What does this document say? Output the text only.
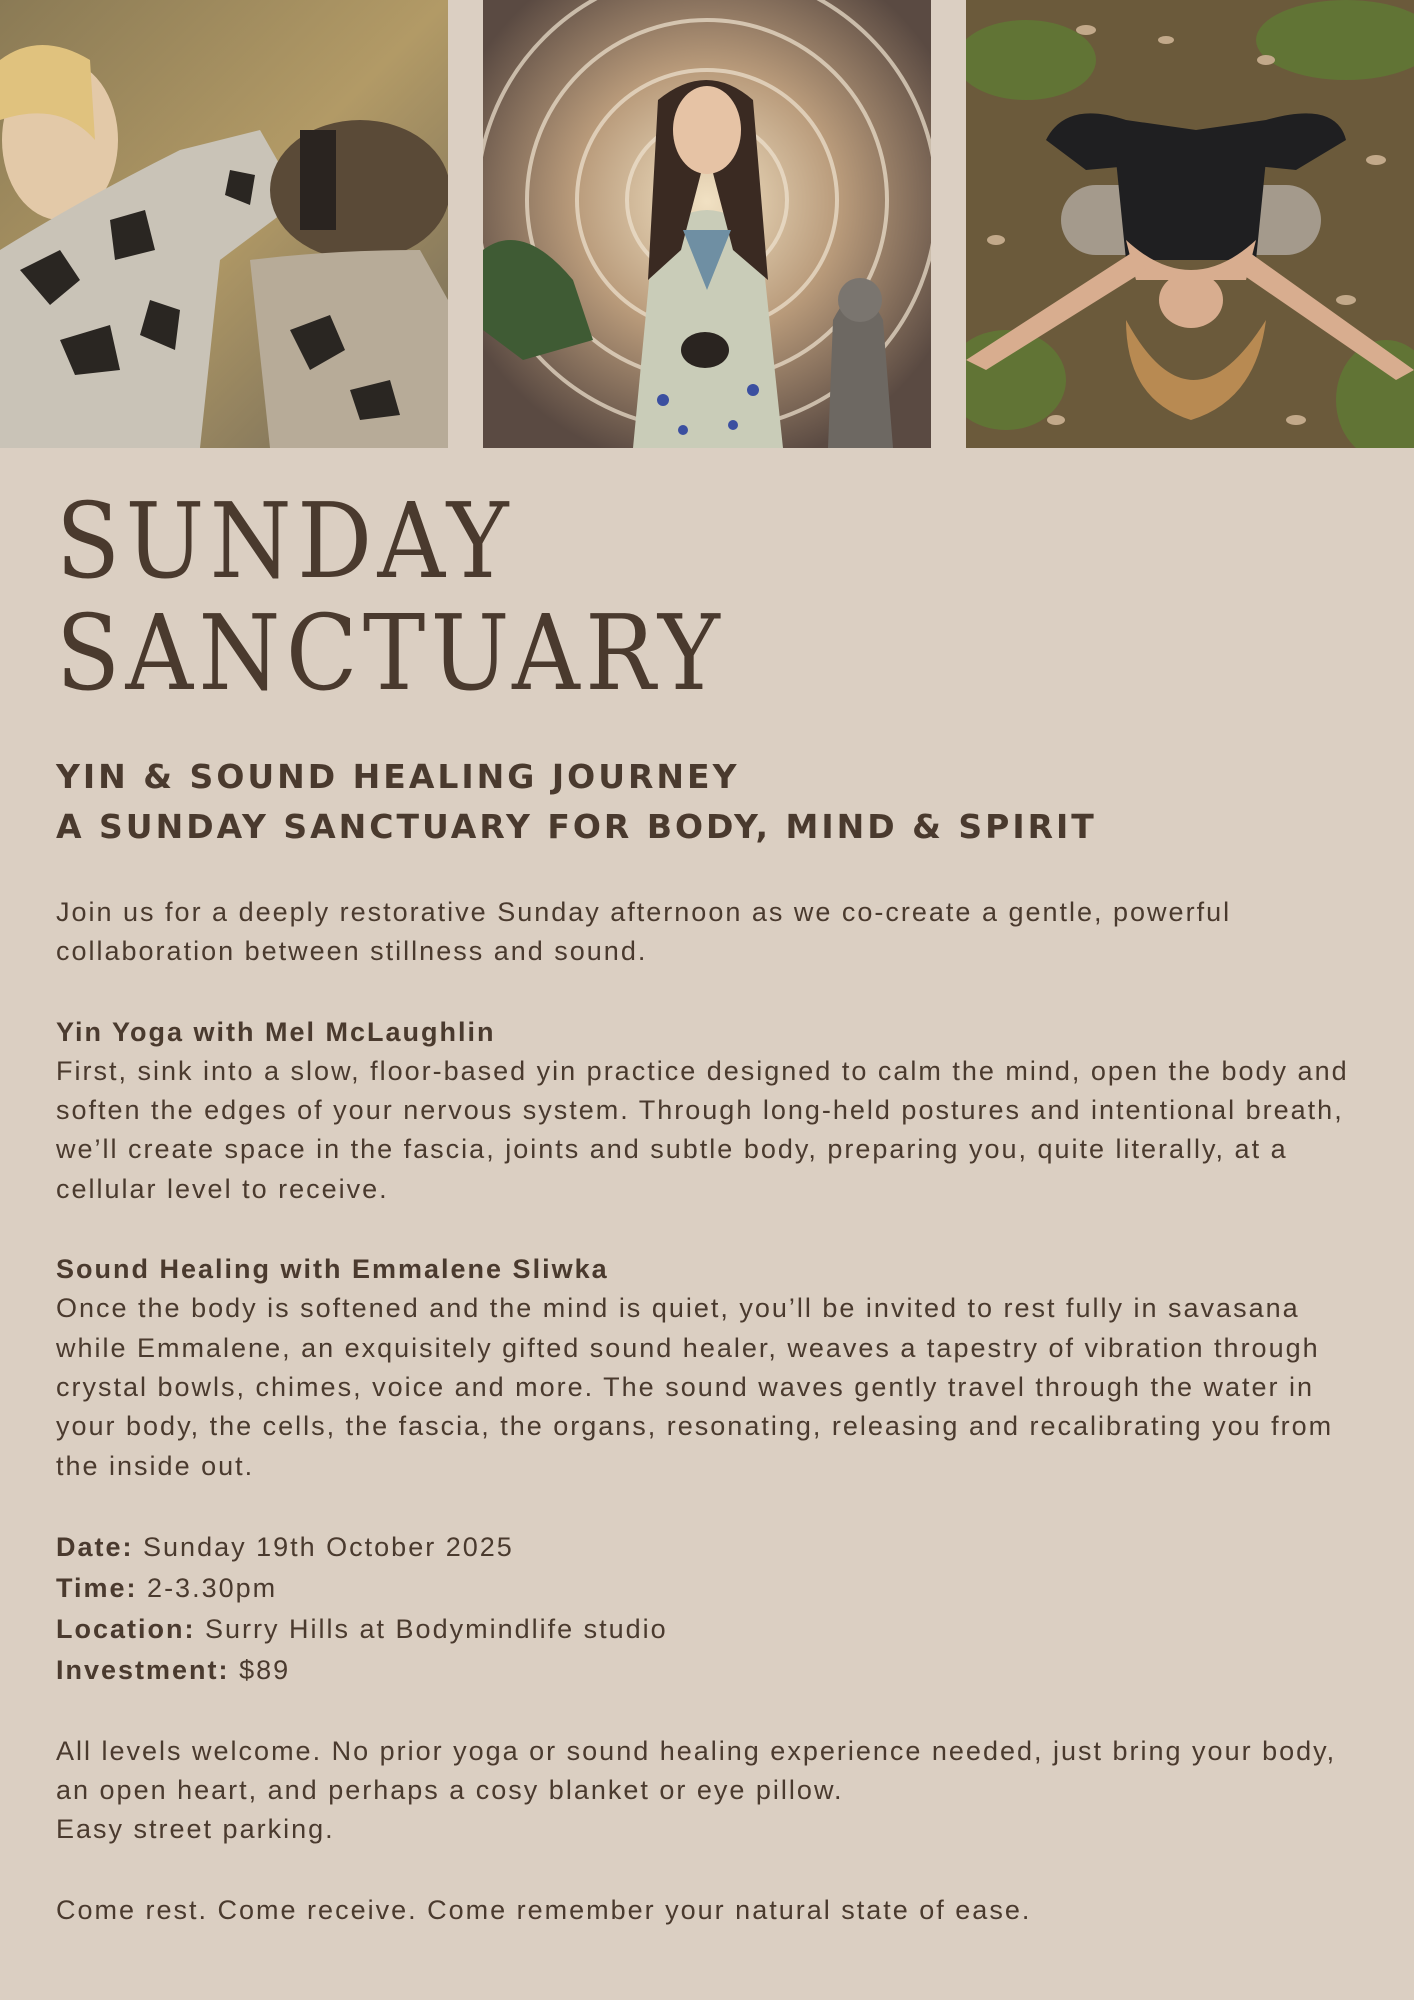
SUNDAY
SANCTUARY
YIN & SOUND HEALING JOURNEY
A SUNDAY SANCTUARY FOR BODY, MIND & SPIRIT

Join us for a deeply restorative Sunday afternoon as we co-create a gentle, powerful collaboration between stillness and sound.

Yin Yoga with Mel McLaughlin

First, sink into a slow, floor-based yin practice designed to calm the mind, open the body and soften the edges of your nervous system. Through long-held postures and intentional breath, we’ll create space in the fascia, joints and subtle body, preparing you, quite literally, at a cellular level to receive.

Sound Healing with Emmalene Sliwka

Once the body is softened and the mind is quiet, you’ll be invited to rest fully in savasana while Emmalene, an exquisitely gifted sound healer, weaves a tapestry of vibration through crystal bowls, chimes, voice and more. The sound waves gently travel through the water in your body, the cells, the fascia, the organs, resonating, releasing and recalibrating you from the inside out.

Date: Sunday 19th October 2025

Time: 2-3.30pm

Location: Surry Hills at Bodymindlife studio

Investment: $89

All levels welcome. No prior yoga or sound healing experience needed, just bring your body, an open heart, and perhaps a cosy blanket or eye pillow.

Easy street parking.

Come rest. Come receive. Come remember your natural state of ease.
